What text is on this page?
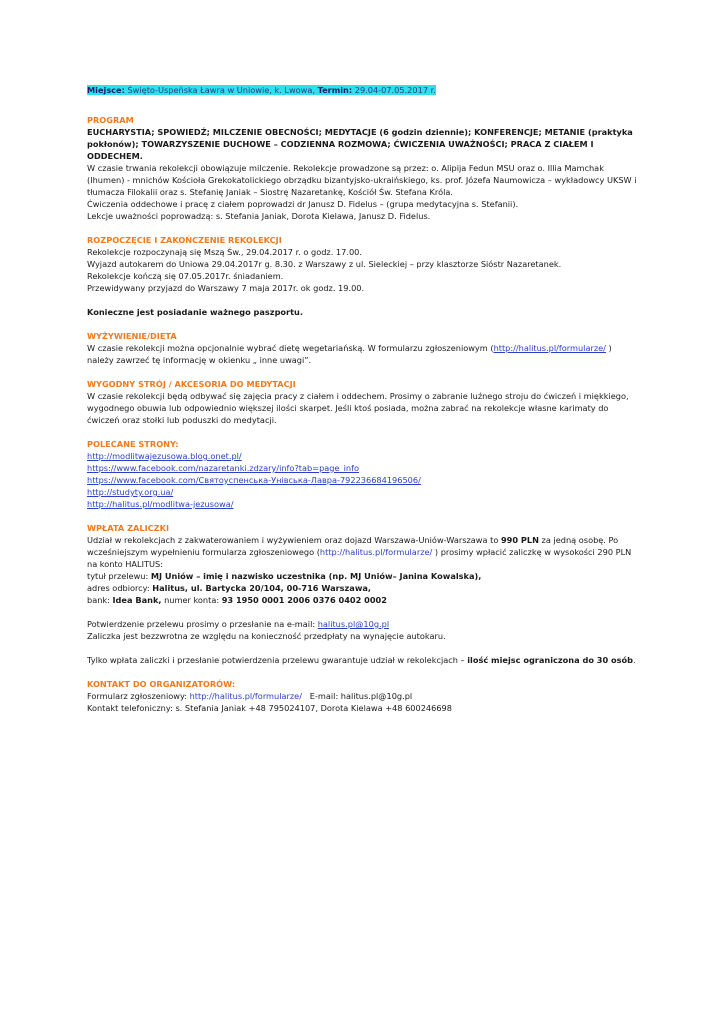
Miejsce: Święto-Uspeńska Ławra w Uniowie, k. Lwowa, Termin: 29.04-07.05.2017 r.

PROGRAM

EUCHARYSTIA; SPOWIEDŹ; MILCZENIE OBECNOŚCI; MEDYTACJE (6 godzin dziennie); KONFERENCJE; METANIE (praktyka pokłonów); TOWARZYSZENIE DUCHOWE – CODZIENNA ROZMOWA; ĆWICZENIA UWAŻNOŚCI; PRACA Z CIAŁEM I ODDECHEM.

W czasie trwania rekolekcji obowiązuje milczenie. Rekolekcje prowadzone są przez: o. Alipija Fedun MSU oraz o. Illia Mamchak (Ihumen) - mnichów Kościoła Grekokatolickiego obrządku bizantyjsko-ukraińskiego, ks. prof. Józefa Naumowicza – wykładowcy UKSW i tłumacza Filokalii oraz s. Stefanię Janiak – Siostrę Nazaretankę, Kościół Św. Stefana Króla.

Ćwiczenia oddechowe i pracę z ciałem poprowadzi dr Janusz D. Fidelus – (grupa medytacyjna s. Stefanii).

Lekcje uważności poprowadzą: s. Stefania Janiak, Dorota Kielawa, Janusz D. Fidelus.

ROZPOCZĘCIE I ZAKOŃCZENIE REKOLEKCJI

Rekolekcje rozpoczynają się Mszą Św., 29.04.2017 r. o godz. 17.00.

Wyjazd autokarem do Uniowa 29.04.2017r g. 8.30. z Warszawy z ul. Sieleckiej – przy klasztorze Sióstr Nazaretanek.

Rekolekcje kończą się 07.05.2017r. śniadaniem.

Przewidywany przyjazd do Warszawy 7 maja 2017r. ok godz. 19.00.

Konieczne jest posiadanie ważnego paszportu.

WYŻYWIENIE/DIETA

W czasie rekolekcji można opcjonalnie wybrać dietę wegetariańską. W formularzu zgłoszeniowym (http://halitus.pl/formularze/ ) należy zawrzeć tę informację w okienku „ inne uwagi”.

WYGODNY STRÓJ / AKCESORIA DO MEDYTACJI

W czasie rekolekcji będą odbywać się zajęcia pracy z ciałem i oddechem. Prosimy o zabranie luźnego stroju do ćwiczeń i miękkiego, wygodnego obuwia lub odpowiednio większej ilości skarpet. Jeśli ktoś posiada, można zabrać na rekolekcje własne karimaty do ćwiczeń oraz stołki lub poduszki do medytacji.

POLECANE STRONY:

http://modlitwajezusowa.blog.onet.pl/

https://www.facebook.com/nazaretanki.zdzary/info?tab=page_info

https://www.facebook.com/Святоуспенська-Унівська-Лавра-792236684196506/

http://studyty.org.ua/

http://halitus.pl/modlitwa-jezusowa/

WPŁATA ZALICZKI

Udział w rekolekcjach z zakwaterowaniem i wyżywieniem oraz dojazd Warszawa-Uniów-Warszawa to 990 PLN za jedną osobę. Po wcześniejszym wypełnieniu formularza zgłoszeniowego (http://halitus.pl/formularze/ ) prosimy wpłacić zaliczkę w wysokości 290 PLN na konto HALITUS:

tytuł przelewu: MJ Uniów – imię i nazwisko uczestnika (np. MJ Uniów– Janina Kowalska),

adres odbiorcy: Halitus, ul. Bartycka 20/104, 00-716 Warszawa,

bank: Idea Bank, numer konta: 93 1950 0001 2006 0376 0402 0002

Potwierdzenie przelewu prosimy o przesłanie na e-mail: halitus.pl@10g.pl

Zaliczka jest bezzwrotna ze względu na konieczność przedpłaty na wynajęcie autokaru.

Tylko wpłata zaliczki i przesłanie potwierdzenia przelewu gwarantuje udział w rekolekcjach – ilość miejsc ograniczona do 30 osób.

KONTAKT DO ORGANIZATORÓW:

Formularz zgłoszeniowy: http://halitus.pl/formularze/   E-mail: halitus.pl@10g.pl

Kontakt telefoniczny: s. Stefania Janiak +48 795024107, Dorota Kielawa +48 600246698
